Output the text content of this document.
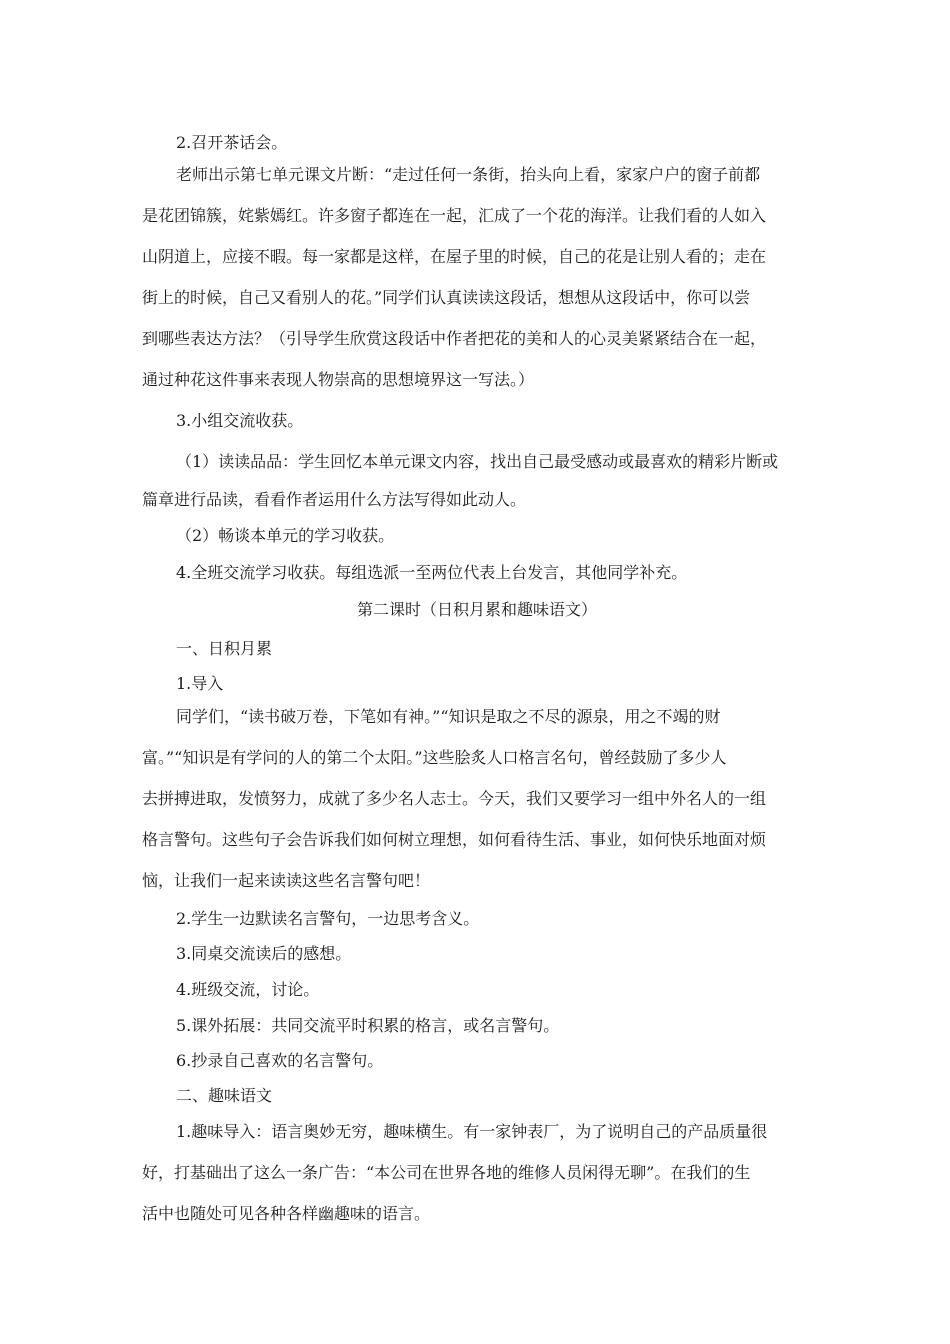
2.召开茶话会。
老师出示第七单元课文片断：“走过任何一条街，抬头向上看，家家户户的窗子前都
是花团锦簇，姹紫嫣红。许多窗子都连在一起，汇成了一个花的海洋。让我们看的人如入
山阴道上，应接不暇。每一家都是这样，在屋子里的时候，自己的花是让别人看的；走在
街上的时候，自己又看别人的花。”同学们认真读读这段话，想想从这段话中，你可以尝
到哪些表达方法？（引导学生欣赏这段话中作者把花的美和人的心灵美紧紧结合在一起，
通过种花这件事来表现人物崇高的思想境界这一写法。）
3.小组交流收获。
（1）读读品品：学生回忆本单元课文内容，找出自己最受感动或最喜欢的精彩片断或
篇章进行品读，看看作者运用什么方法写得如此动人。
（2）畅谈本单元的学习收获。
4.全班交流学习收获。每组选派一至两位代表上台发言，其他同学补充。
第二课时（日积月累和趣味语文）
一、日积月累
1.导入
同学们，“读书破万卷，下笔如有神。”“知识是取之不尽的源泉，用之不竭的财
富。”“知识是有学问的人的第二个太阳。”这些脍炙人口格言名句，曾经鼓励了多少人
去拼搏进取，发愤努力，成就了多少名人志士。今天，我们又要学习一组中外名人的一组
格言警句。这些句子会告诉我们如何树立理想，如何看待生活、事业，如何快乐地面对烦
恼，让我们一起来读读这些名言警句吧！
2.学生一边默读名言警句，一边思考含义。
3.同桌交流读后的感想。
4.班级交流，讨论。
5.课外拓展：共同交流平时积累的格言，或名言警句。
6.抄录自己喜欢的名言警句。
二、趣味语文
1.趣味导入：语言奥妙无穷，趣味横生。有一家钟表厂，为了说明自己的产品质量很
好，打基础出了这么一条广告：“本公司在世界各地的维修人员闲得无聊”。在我们的生
活中也随处可见各种各样幽趣味的语言。
